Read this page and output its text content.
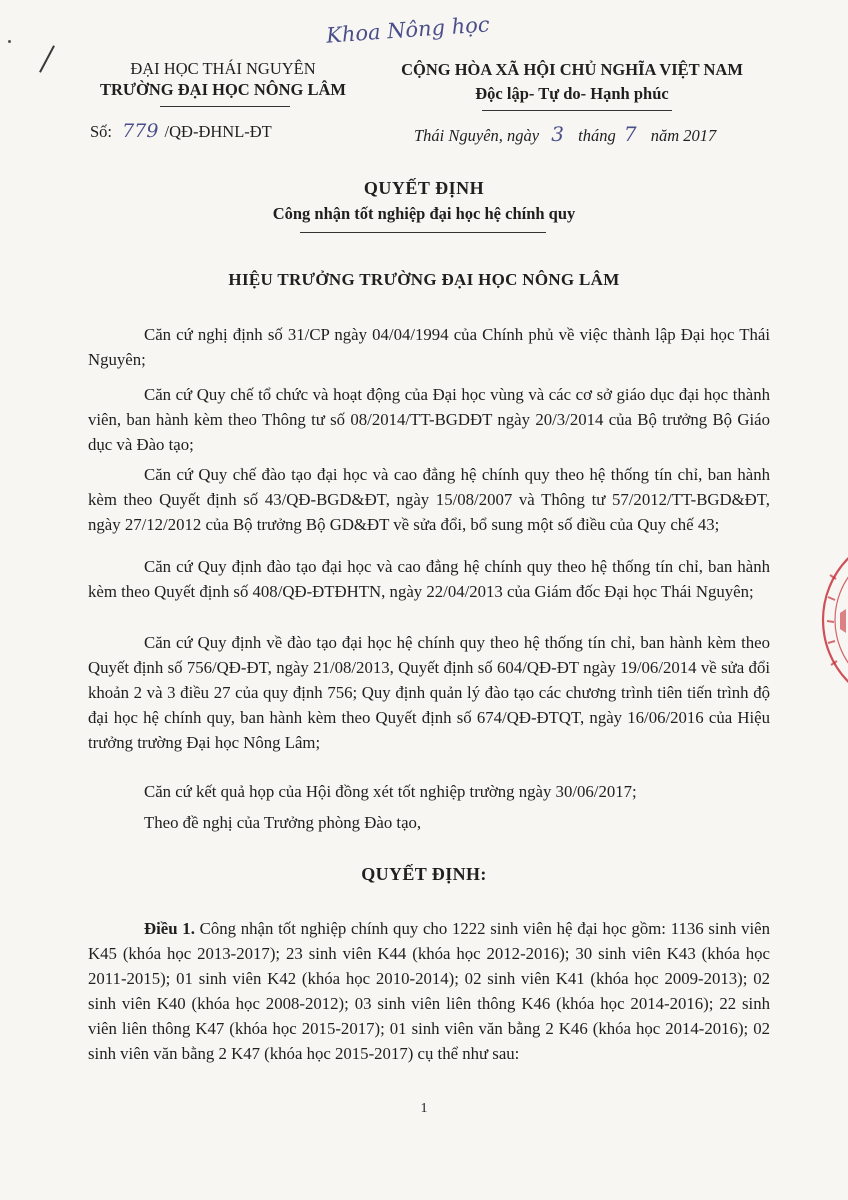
Khoa Nông học
ĐẠI HỌC THÁI NGUYÊN
TRƯỜNG ĐẠI HỌC NÔNG LÂM
CỘNG HÒA XÃ HỘI CHỦ NGHĨA VIỆT NAM
Độc lập- Tự do- Hạnh phúc
Số: 779 /QĐ-ĐHNL-ĐT	Thái Nguyên, ngày 3 tháng 7 năm 2017
QUYẾT ĐỊNH
Công nhận tốt nghiệp đại học hệ chính quy
HIỆU TRƯỞNG TRƯỜNG ĐẠI HỌC NÔNG LÂM
Căn cứ nghị định số 31/CP ngày 04/04/1994 của Chính phủ về việc thành lập Đại học Thái Nguyên;
Căn cứ Quy chế tổ chức và hoạt động của Đại học vùng và các cơ sở giáo dục đại học thành viên, ban hành kèm theo Thông tư số 08/2014/TT-BGDĐT ngày 20/3/2014 của Bộ trưởng Bộ Giáo dục và Đào tạo;
Căn cứ Quy chế đào tạo đại học và cao đẳng hệ chính quy theo hệ thống tín chỉ, ban hành kèm theo Quyết định số 43/QĐ-BGD&ĐT, ngày 15/08/2007 và Thông tư 57/2012/TT-BGD&ĐT, ngày 27/12/2012 của Bộ trưởng Bộ GD&ĐT về sửa đổi, bổ sung một số điều của Quy chế 43;
Căn cứ Quy định đào tạo đại học và cao đẳng hệ chính quy theo hệ thống tín chỉ, ban hành kèm theo Quyết định số 408/QĐ-ĐTĐHTN, ngày 22/04/2013 của Giám đốc Đại học Thái Nguyên;
Căn cứ Quy định về đào tạo đại học hệ chính quy theo hệ thống tín chỉ, ban hành kèm theo Quyết định số 756/QĐ-ĐT, ngày 21/08/2013, Quyết định số 604/QĐ-ĐT ngày 19/06/2014 về sửa đổi khoản 2 và 3 điều 27 của quy định 756; Quy định quản lý đào tạo các chương trình tiên tiến trình độ đại học hệ chính quy, ban hành kèm theo Quyết định số 674/QĐ-ĐTQT, ngày 16/06/2016 của Hiệu trưởng trường Đại học Nông Lâm;
Căn cứ kết quả họp của Hội đồng xét tốt nghiệp trường ngày 30/06/2017;
Theo đề nghị của Trưởng phòng Đào tạo,
QUYẾT ĐỊNH:
Điều 1. Công nhận tốt nghiệp chính quy cho 1222 sinh viên hệ đại học gồm: 1136 sinh viên K45 (khóa học 2013-2017); 23 sinh viên K44 (khóa học 2012-2016); 30 sinh viên K43 (khóa học 2011-2015); 01 sinh viên K42 (khóa học 2010-2014); 02 sinh viên K41 (khóa học 2009-2013); 02 sinh viên K40 (khóa học 2008-2012); 03 sinh viên liên thông K46 (khóa học 2014-2016); 22 sinh viên liên thông K47 (khóa học 2015-2017); 01 sinh viên văn bằng 2 K46 (khóa học 2014-2016); 02 sinh viên văn bằng 2 K47 (khóa học 2015-2017) cụ thể như sau:
1
